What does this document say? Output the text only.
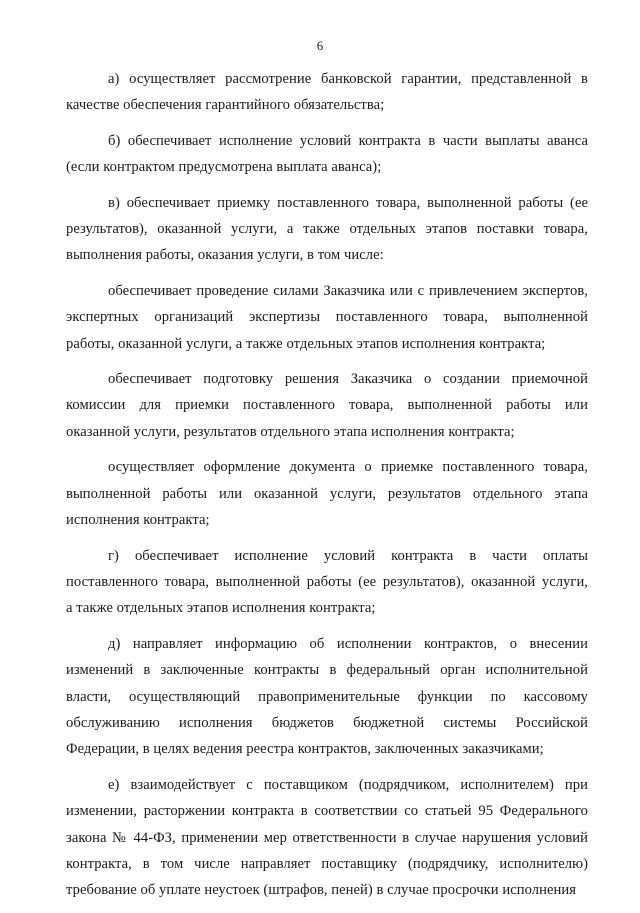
6
а) осуществляет рассмотрение банковской гарантии, представленной в
качестве обеспечения гарантийного обязательства;
б) обеспечивает исполнение условий контракта в части выплаты аванса
(если контрактом предусмотрена выплата аванса);
в) обеспечивает приемку поставленного товара, выполненной работы (ее
результатов), оказанной услуги, а также отдельных этапов поставки товара,
выполнения работы, оказания услуги, в том числе:
обеспечивает проведение силами Заказчика или с привлечением экспертов,
экспертных организаций экспертизы поставленного товара, выполненной
работы, оказанной услуги, а также отдельных этапов исполнения контракта;
обеспечивает подготовку решения Заказчика о создании приемочной
комиссии для приемки поставленного товара, выполненной работы или
оказанной услуги, результатов отдельного этапа исполнения контракта;
осуществляет оформление документа о приемке поставленного товара,
выполненной работы или оказанной услуги, результатов отдельного этапа
исполнения контракта;
г) обеспечивает исполнение условий контракта в части оплаты
поставленного товара, выполненной работы (ее результатов), оказанной услуги,
а также отдельных этапов исполнения контракта;
д) направляет информацию об исполнении контрактов, о внесении
изменений в заключенные контракты в федеральный орган исполнительной
власти, осуществляющий правоприменительные функции по кассовому
обслуживанию исполнения бюджетов бюджетной системы Российской
Федерации, в целях ведения реестра контрактов, заключенных заказчиками;
е) взаимодействует с поставщиком (подрядчиком, исполнителем) при
изменении, расторжении контракта в соответствии со статьей 95 Федерального
закона № 44-ФЗ, применении мер ответственности в случае нарушения условий
контракта, в том числе направляет поставщику (подрядчику, исполнителю)
требование об уплате неустоек (штрафов, пеней) в случае просрочки исполнения
